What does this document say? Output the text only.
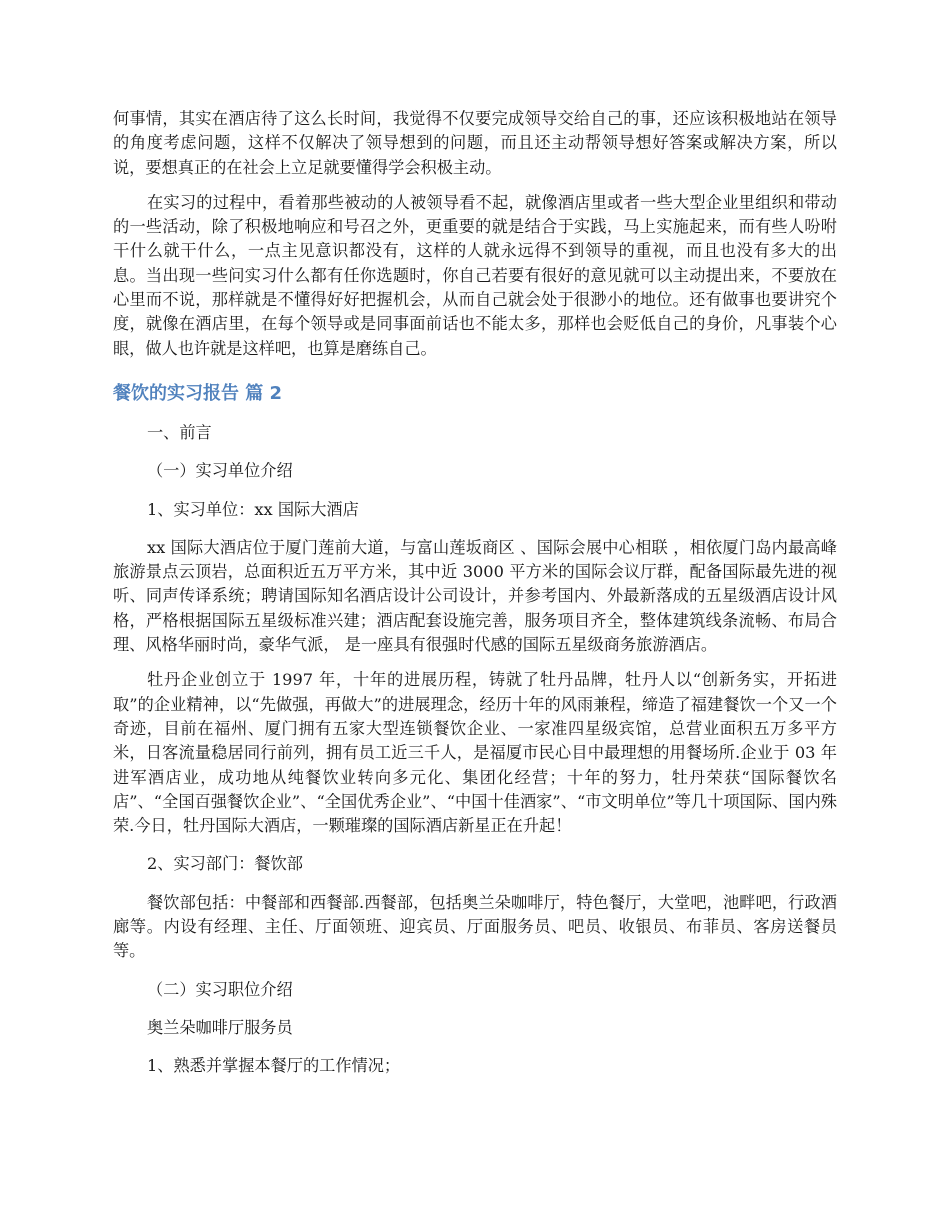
何事情，其实在酒店待了这么长时间，我觉得不仅要完成领导交给自己的事，还应该积极地站在领导的角度考虑问题，这样不仅解决了领导想到的问题，而且还主动帮领导想好答案或解决方案，所以说，要想真正的在社会上立足就要懂得学会积极主动。

在实习的过程中，看着那些被动的人被领导看不起，就像酒店里或者一些大型企业里组织和带动的一些活动，除了积极地响应和号召之外，更重要的就是结合于实践，马上实施起来，而有些人吩咐干什么就干什么，一点主见意识都没有，这样的人就永远得不到领导的重视，而且也没有多大的出息。当出现一些问实习什么都有任你选题时，你自己若要有很好的意见就可以主动提出来，不要放在心里而不说，那样就是不懂得好好把握机会，从而自己就会处于很渺小的地位。还有做事也要讲究个度，就像在酒店里，在每个领导或是同事面前话也不能太多，那样也会贬低自己的身价，凡事装个心眼，做人也许就是这样吧，也算是磨练自己。

餐饮的实习报告 篇 2

一、前言

（一）实习单位介绍

1、实习单位：xx 国际大酒店

xx 国际大酒店位于厦门莲前大道，与富山莲坂商区 、国际会展中心相联 ，相依厦门岛内最高峰旅游景点云顶岩，总面积近五万平方米，其中近 3000 平方米的国际会议厅群，配备国际最先进的视听、同声传译系统；聘请国际知名酒店设计公司设计，并参考国内、外最新落成的五星级酒店设计风格，严格根据国际五星级标准兴建；酒店配套设施完善，服务项目齐全，整体建筑线条流畅、布局合理、风格华丽时尚，豪华气派， 是一座具有很强时代感的国际五星级商务旅游酒店。

牡丹企业创立于 1997 年，十年的进展历程，铸就了牡丹品牌，牡丹人以“创新务实，开拓进取”的企业精神，以“先做强，再做大”的进展理念，经历十年的风雨兼程，缔造了福建餐饮一个又一个奇迹，目前在福州、厦门拥有五家大型连锁餐饮企业、一家准四星级宾馆，总营业面积五万多平方米，日客流量稳居同行前列，拥有员工近三千人，是福厦市民心目中最理想的用餐场所.企业于 03 年进军酒店业，成功地从纯餐饮业转向多元化、集团化经营；十年的努力，牡丹荣获“国际餐饮名店”、“全国百强餐饮企业”、“全国优秀企业”、“中国十佳酒家”、“市文明单位”等几十项国际、国内殊荣.今日，牡丹国际大酒店，一颗璀璨的国际酒店新星正在升起！

2、实习部门：餐饮部

餐饮部包括：中餐部和西餐部.西餐部，包括奥兰朵咖啡厅，特色餐厅，大堂吧，池畔吧，行政酒廊等。内设有经理、主任、厅面领班、迎宾员、厅面服务员、吧员、收银员、布菲员、客房送餐员等。

（二）实习职位介绍

奥兰朵咖啡厅服务员

1、熟悉并掌握本餐厅的工作情况；
